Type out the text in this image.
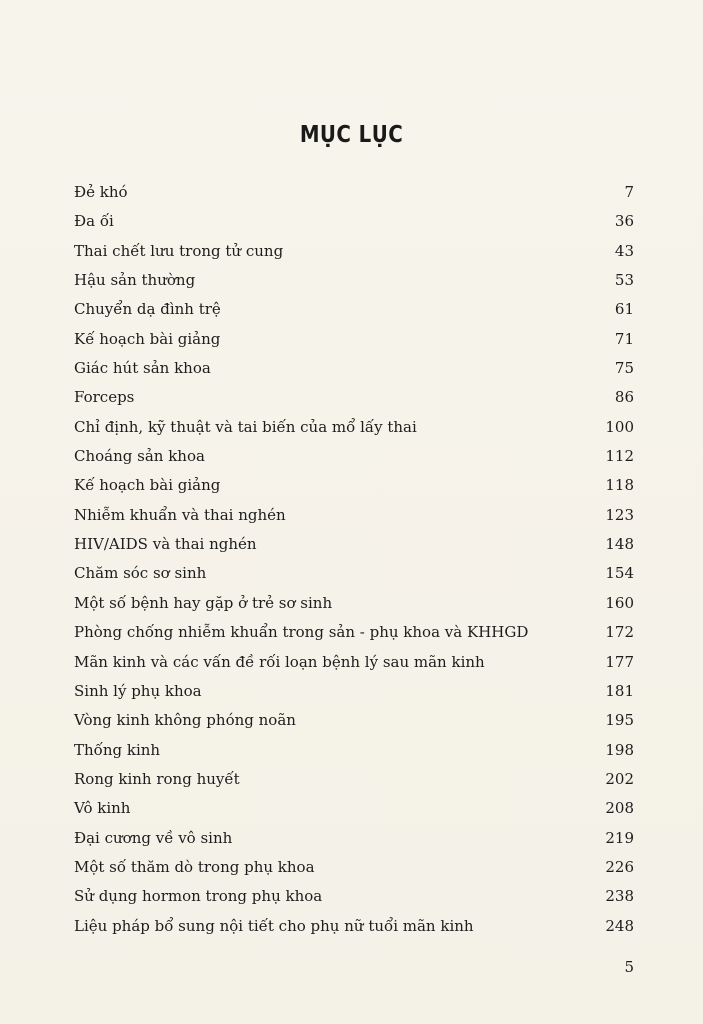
MỤC LỤC
Đẻ khó	7
Đa ối	36
Thai chết lưu trong tử cung	43
Hậu sản thường	53
Chuyển dạ đình trệ	61
Kế hoạch bài giảng	71
Giác hút sản khoa	75
Forceps	86
Chỉ định, kỹ thuật và tai biến của mổ lấy thai	100
Choáng sản khoa	112
Kế hoạch bài giảng	118
Nhiễm khuẩn và thai nghén	123
HIV/AIDS và thai nghén	148
Chăm sóc sơ sinh	154
Một số bệnh hay gặp ở trẻ sơ sinh	160
Phòng chống nhiễm khuẩn trong sản - phụ khoa và KHHGD	172
Mãn kinh và các vấn đề rối loạn bệnh lý sau mãn kinh	177
Sinh lý phụ khoa	181
Vòng kinh không phóng noãn	195
Thống kinh	198
Rong kinh rong huyết	202
Vô kinh	208
Đại cương về vô sinh	219
Một số thăm dò trong phụ khoa	226
Sử dụng hormon trong phụ khoa	238
Liệu pháp bổ sung nội tiết cho phụ nữ tuổi mãn kinh	248
5
